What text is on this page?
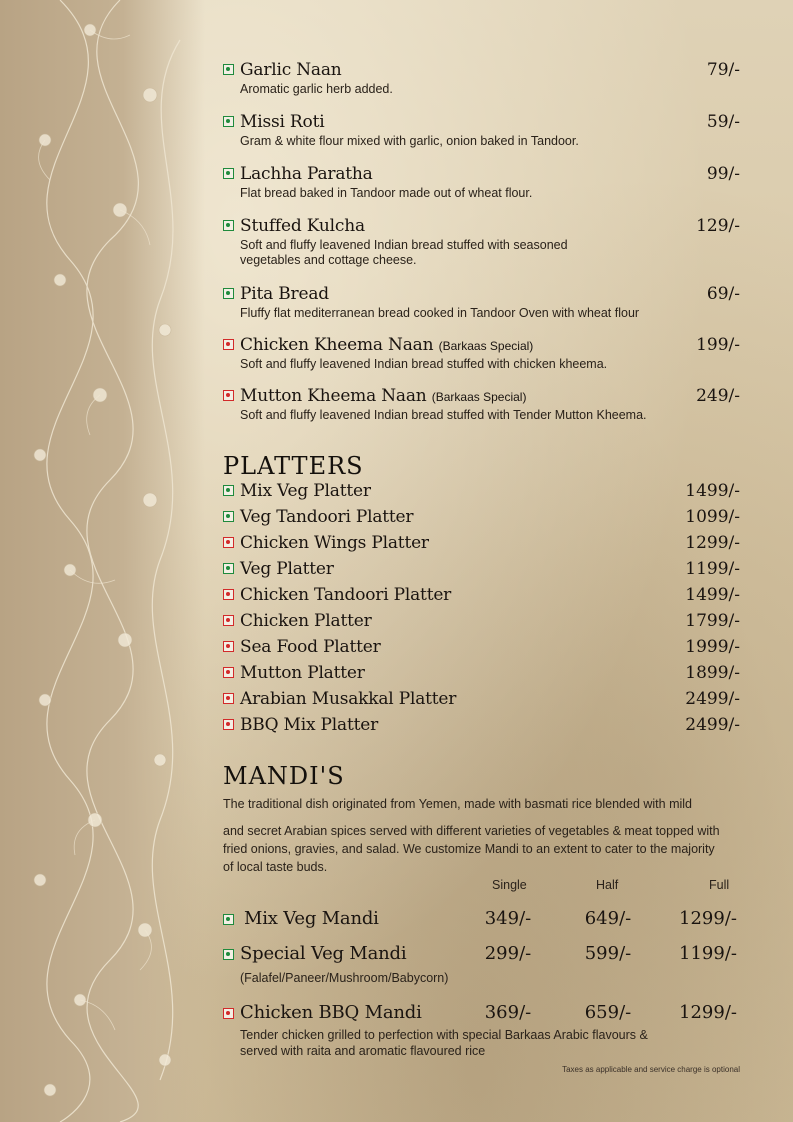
Garlic Naan	79/-
Aromatic garlic herb added.
Missi Roti	59/-
Gram & white flour mixed with garlic, onion baked in Tandoor.
Lachha Paratha	99/-
Flat bread baked in Tandoor made out of wheat flour.
Stuffed Kulcha	129/-
Soft and fluffy leavened Indian bread stuffed with seasoned vegetables and cottage cheese.
Pita Bread	69/-
Fluffy flat mediterranean bread cooked in Tandoor Oven with wheat flour
Chicken Kheema Naan (Barkaas Special)	199/-
Soft and fluffy leavened Indian bread stuffed with chicken kheema.
Mutton Kheema Naan (Barkaas Special)	249/-
Soft and fluffy leavened Indian bread stuffed with Tender Mutton Kheema.
PLATTERS
Mix Veg Platter	1499/-
Veg Tandoori Platter	1099/-
Chicken Wings Platter	1299/-
Veg Platter	1199/-
Chicken Tandoori Platter	1499/-
Chicken Platter	1799/-
Sea Food Platter	1999/-
Mutton Platter	1899/-
Arabian Musakkal Platter	2499/-
BBQ Mix Platter	2499/-
MANDI'S
The traditional dish originated from Yemen, made with basmati rice blended with mild
and secret Arabian spices served with different varieties of vegetables & meat topped with fried onions, gravies, and salad. We customize Mandi to an extent to cater to the majority of local taste buds.
Single	Half	Full
Mix Veg Mandi	349/-	649/-	1299/-
Special Veg Mandi	299/-	599/-	1199/-
(Falafel/Paneer/Mushroom/Babycorn)
Chicken BBQ Mandi	369/-	659/-	1299/-
Tender chicken grilled to perfection with special Barkaas Arabic flavours & served with raita and aromatic flavoured rice
Taxes as applicable and service charge is optional
